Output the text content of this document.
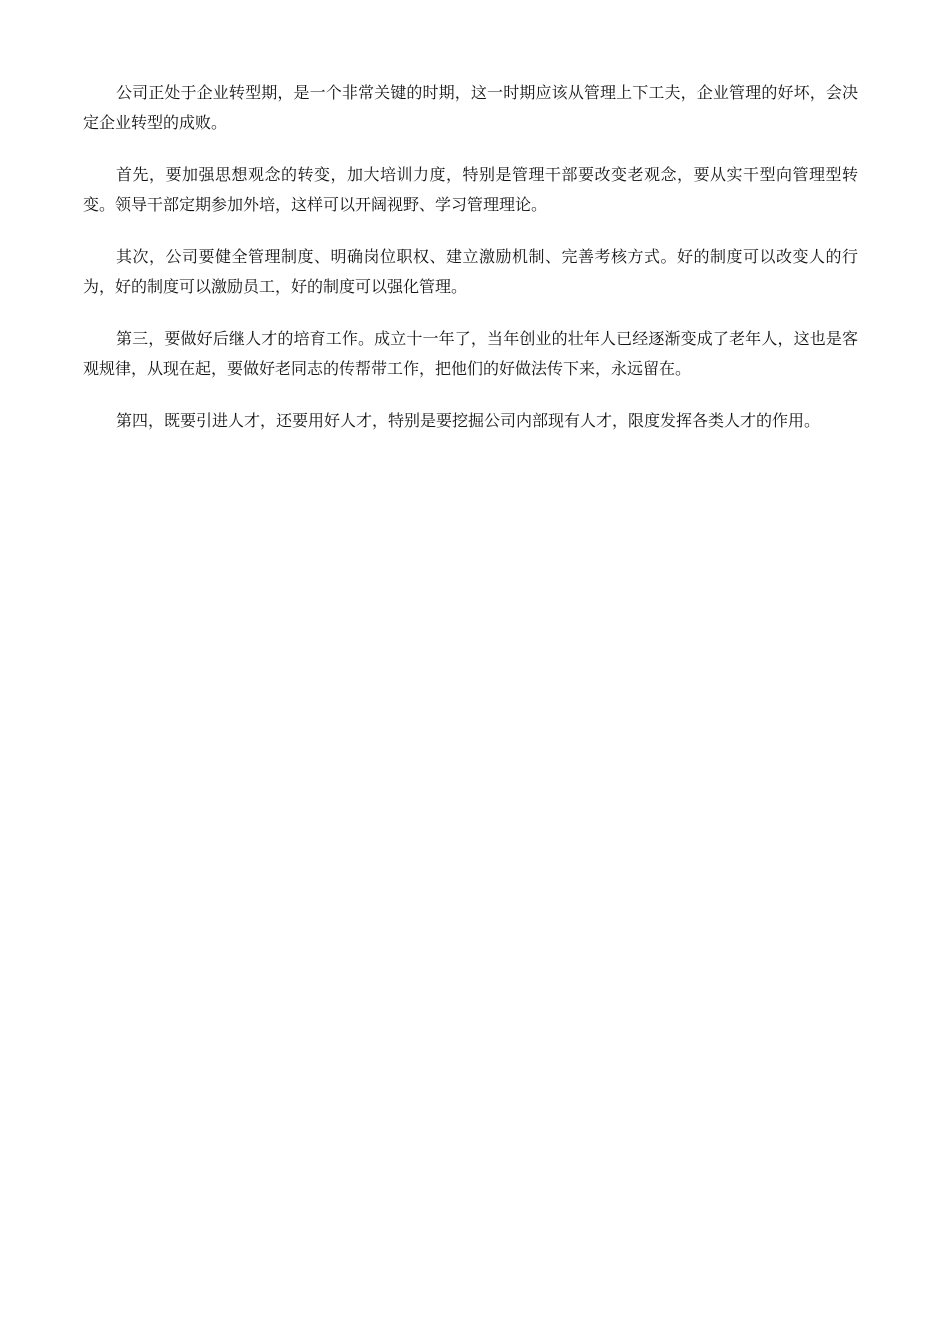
公司正处于企业转型期，是一个非常关键的时期，这一时期应该从管理上下工夫，企业管理的好坏，会决定企业转型的成败。

首先，要加强思想观念的转变，加大培训力度，特别是管理干部要改变老观念，要从实干型向管理型转变。领导干部定期参加外培，这样可以开阔视野、学习管理理论。

其次，公司要健全管理制度、明确岗位职权、建立激励机制、完善考核方式。好的制度可以改变人的行为，好的制度可以激励员工，好的制度可以强化管理。

第三，要做好后继人才的培育工作。成立十一年了，当年创业的壮年人已经逐渐变成了老年人，这也是客观规律，从现在起，要做好老同志的传帮带工作，把他们的好做法传下来，永远留在。

第四，既要引进人才，还要用好人才，特别是要挖掘公司内部现有人才，限度发挥各类人才的作用。
